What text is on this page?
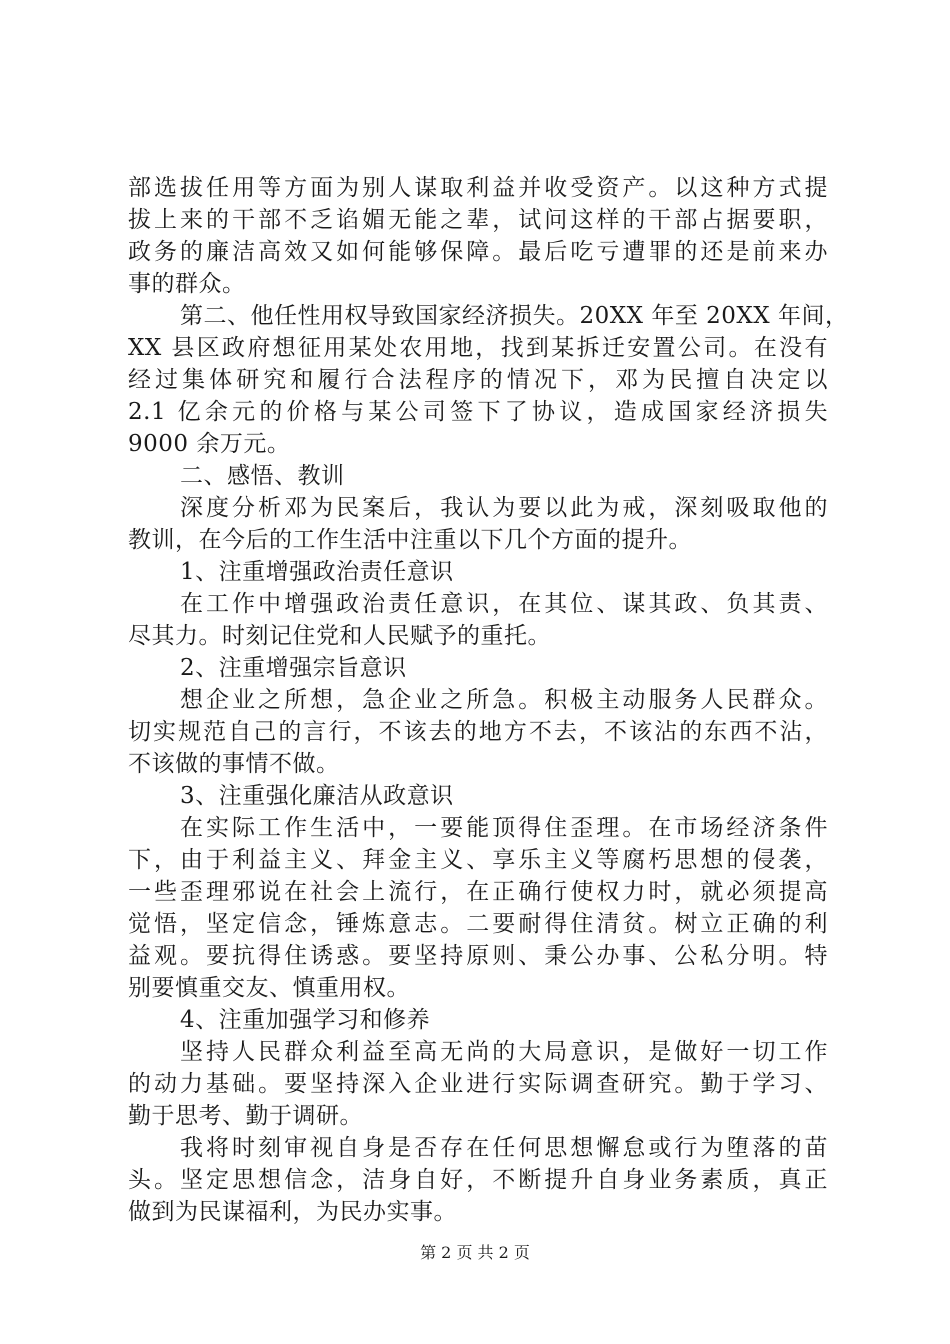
部选拔任用等方面为别人谋取利益并收受资产。以这种方式提
拔上来的干部不乏谄媚无能之辈，试问这样的干部占据要职，
政务的廉洁高效又如何能够保障。最后吃亏遭罪的还是前来办
事的群众。
第二、他任性用权导致国家经济损失。20XX 年至 20XX 年间，
XX 县区政府想征用某处农用地，找到某拆迁安置公司。在没有
经过集体研究和履行合法程序的情况下，邓为民擅自决定以
2.1 亿余元的价格与某公司签下了协议，造成国家经济损失
9000 余万元。
二、感悟、教训
深度分析邓为民案后，我认为要以此为戒，深刻吸取他的
教训，在今后的工作生活中注重以下几个方面的提升。
1、注重增强政治责任意识
在工作中增强政治责任意识，在其位、谋其政、负其责、
尽其力。时刻记住党和人民赋予的重托。
2、注重增强宗旨意识
想企业之所想，急企业之所急。积极主动服务人民群众。
切实规范自己的言行，不该去的地方不去，不该沾的东西不沾，
不该做的事情不做。
3、注重强化廉洁从政意识
在实际工作生活中，一要能顶得住歪理。在市场经济条件
下，由于利益主义、拜金主义、享乐主义等腐朽思想的侵袭，
一些歪理邪说在社会上流行，在正确行使权力时，就必须提高
觉悟，坚定信念，锤炼意志。二要耐得住清贫。树立正确的利
益观。要抗得住诱惑。要坚持原则、秉公办事、公私分明。特
别要慎重交友、慎重用权。
4、注重加强学习和修养
坚持人民群众利益至高无尚的大局意识，是做好一切工作
的动力基础。要坚持深入企业进行实际调查研究。勤于学习、
勤于思考、勤于调研。
我将时刻审视自身是否存在任何思想懈怠或行为堕落的苗
头。坚定思想信念，洁身自好，不断提升自身业务素质，真正
做到为民谋福利，为民办实事。
第 2 页 共 2 页
